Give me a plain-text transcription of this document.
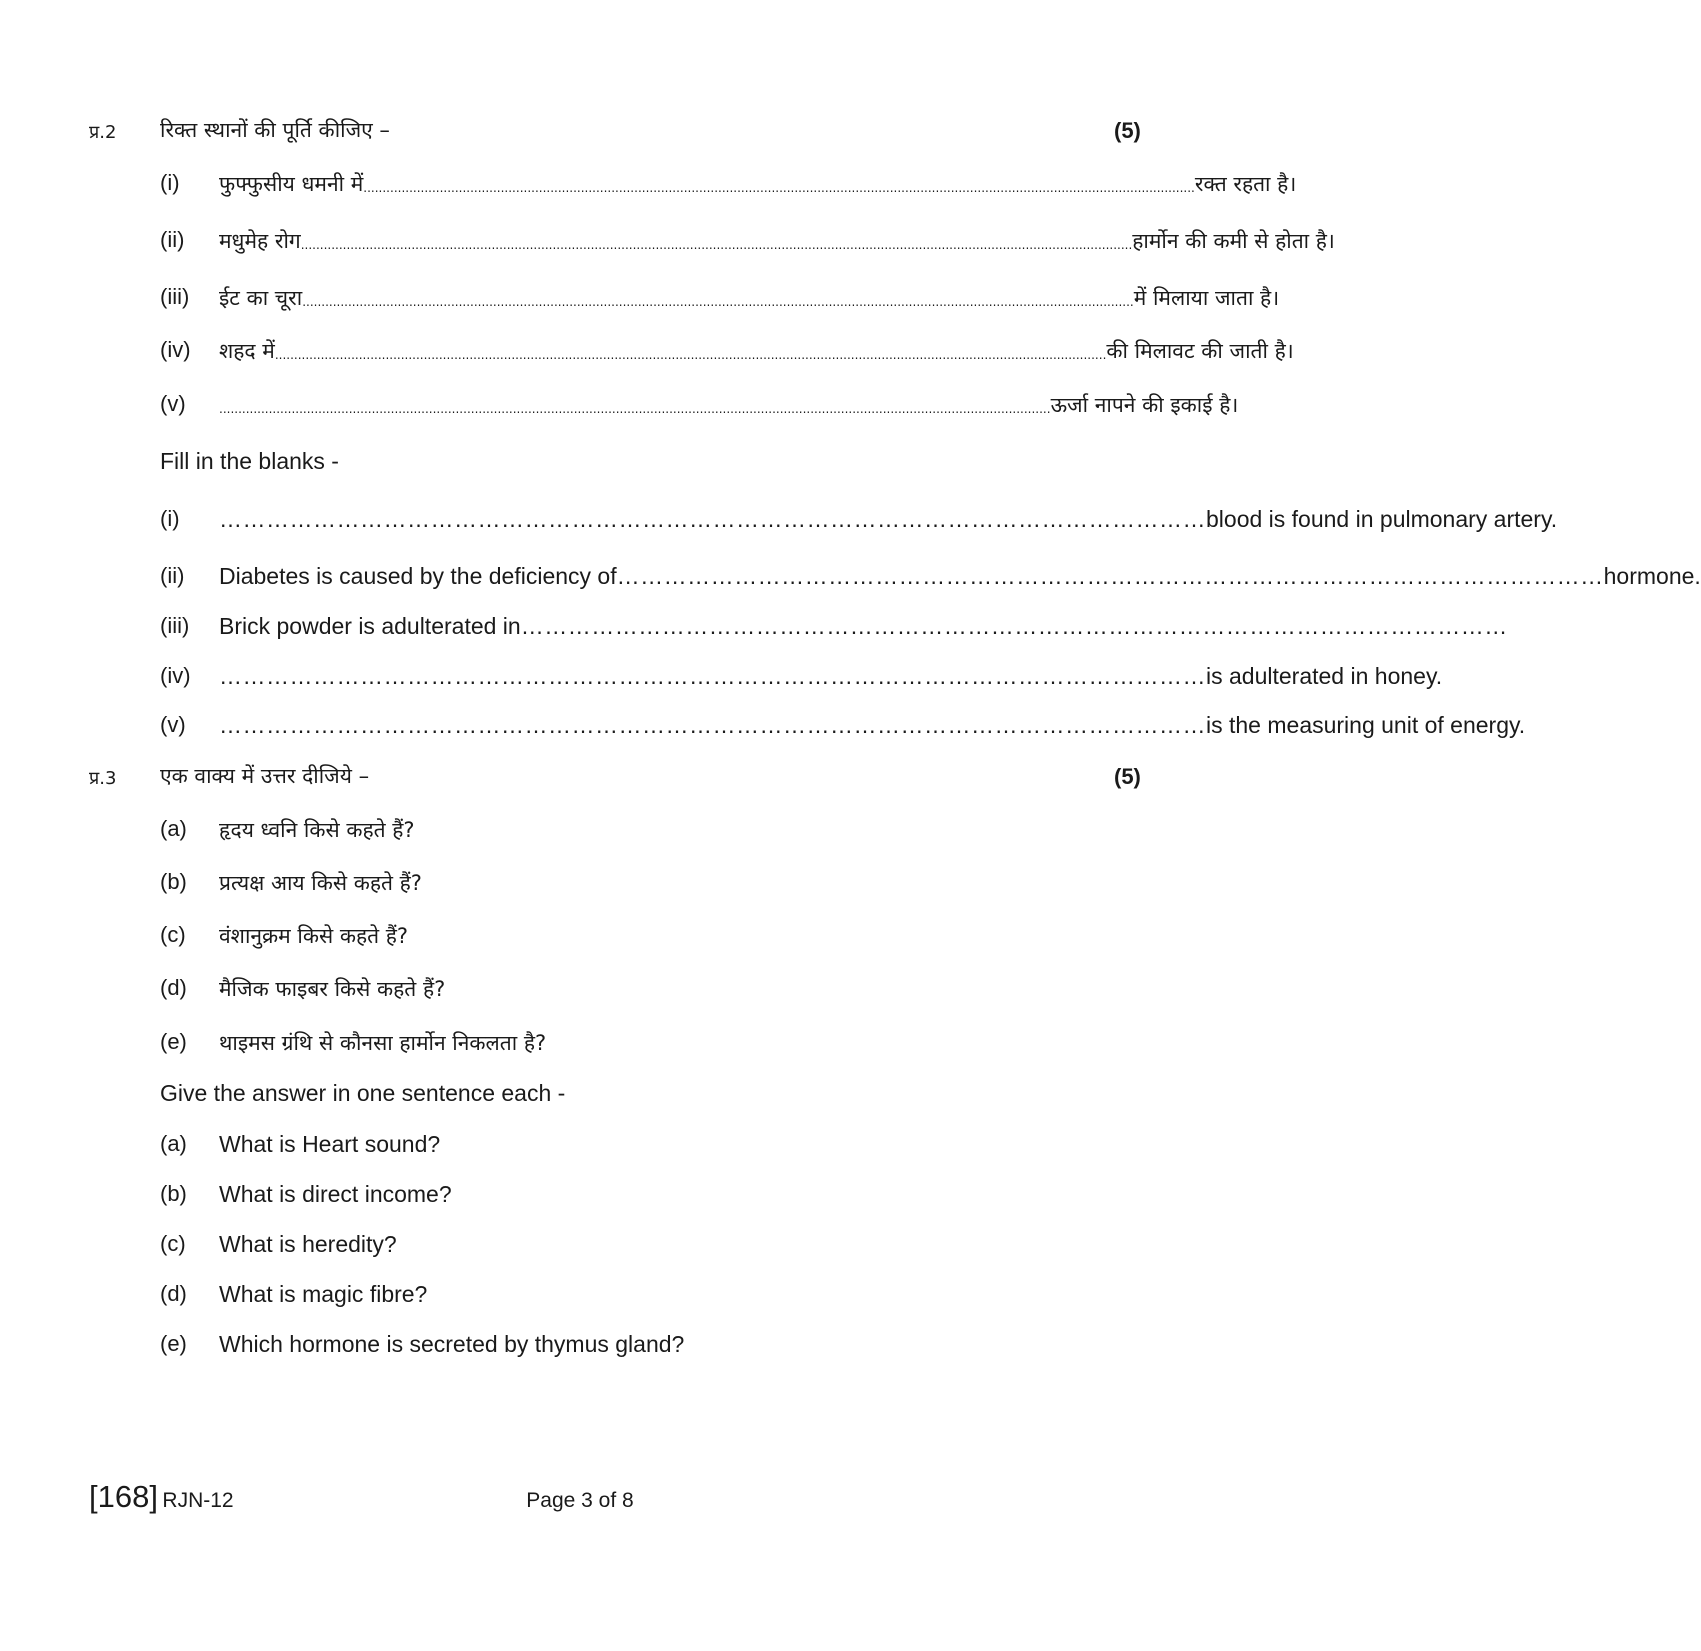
प्र.2 रिक्त स्थानों की पूर्ति कीजिए –	(5)
(i) फुफ्फुसीय धमनी में .......................................................................................................................................................................................................................... रक्त रहता है।
(ii) मधुमेह रोग .......................................................................................................................................................................................................................... हार्मोन की कमी से होता है।
(iii) ईट का चूरा .......................................................................................................................................................................................................................... में मिलाया जाता है।
(iv) शहद में .......................................................................................................................................................................................................................... की मिलावट की जाती है।
(v)	.......................................................................................................................................................................................................................... ऊर्जा नापने की इकाई है।
Fill in the blanks -
(i) ……………………………………………………………………………………………………………… blood is found in pulmonary artery.
(ii) Diabetes is caused by the deficiency of ……………………………………………………………………………………………………………… hormone.
(iii) Brick powder is adulterated in ………………………………………………………………………………………………………………
(iv) ……………………………………………………………………………………………………………… is adulterated in honey.
(v) ……………………………………………………………………………………………………………… is the measuring unit of energy.
प्र.3 एक वाक्य में उत्तर दीजिये –	(5)
(a) हृदय ध्वनि किसे कहते हैं?
(b) प्रत्यक्ष आय किसे कहते हैं?
(c) वंशानुक्रम किसे कहते हैं?
(d) मैजिक फाइबर किसे कहते हैं?
(e) थाइमस ग्रंथि से कौनसा हार्मोन निकलता है?
Give the answer in one sentence each -
(a) What is Heart sound?
(b) What is direct income?
(c) What is heredity?
(d) What is magic fibre?
(e) Which hormone is secreted by thymus gland?
[168] RJN-12	Page 3 of 8
